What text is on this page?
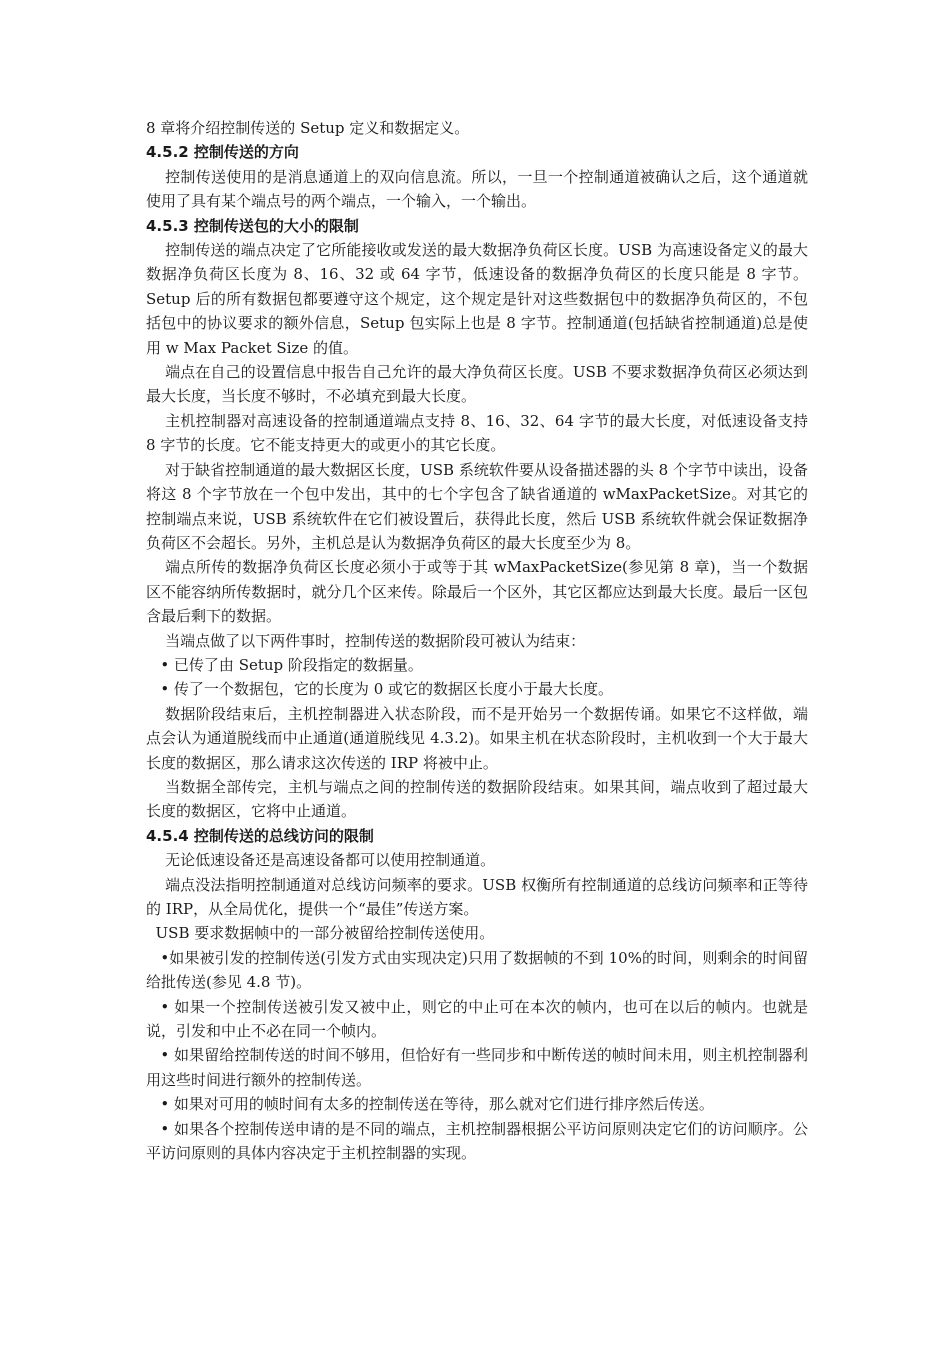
8 章将介绍控制传送的 Setup 定义和数据定义。

4.5.2 控制传送的方向

控制传送使用的是消息通道上的双向信息流。所以，一旦一个控制通道被确认之后，这个通道就使用了具有某个端点号的两个端点，一个输入，一个输出。

4.5.3 控制传送包的大小的限制

控制传送的端点决定了它所能接收或发送的最大数据净负荷区长度。USB 为高速设备定义的最大数据净负荷区长度为 8、16、32 或 64 字节，低速设备的数据净负荷区的长度只能是 8 字节。Setup 后的所有数据包都要遵守这个规定，这个规定是针对这些数据包中的数据净负荷区的，不包括包中的协议要求的额外信息，Setup 包实际上也是 8 字节。控制通道(包括缺省控制通道)总是使用 w Max Packet Size 的值。

端点在自己的设置信息中报告自己允许的最大净负荷区长度。USB 不要求数据净负荷区必须达到最大长度，当长度不够时，不必填充到最大长度。

主机控制器对高速设备的控制通道端点支持 8、16、32、64 字节的最大长度，对低速设备支持 8 字节的长度。它不能支持更大的或更小的其它长度。

对于缺省控制通道的最大数据区长度，USB 系统软件要从设备描述器的头 8 个字节中读出，设备将这 8 个字节放在一个包中发出，其中的七个字包含了缺省通道的 wMaxPacketSize。对其它的控制端点来说，USB 系统软件在它们被设置后，获得此长度，然后 USB 系统软件就会保证数据净负荷区不会超长。另外，主机总是认为数据净负荷区的最大长度至少为 8。

端点所传的数据净负荷区长度必须小于或等于其 wMaxPacketSize(参见第 8 章)，当一个数据区不能容纳所传数据时，就分几个区来传。除最后一个区外，其它区都应达到最大长度。最后一区包含最后剩下的数据。

当端点做了以下两件事时，控制传送的数据阶段可被认为结束：

• 已传了由 Setup 阶段指定的数据量。

• 传了一个数据包，它的长度为 0 或它的数据区长度小于最大长度。

数据阶段结束后，主机控制器进入状态阶段，而不是开始另一个数据传诵。如果它不这样做，端点会认为通道脱线而中止通道(通道脱线见 4.3.2)。如果主机在状态阶段时，主机收到一个大于最大长度的数据区，那么请求这次传送的 IRP 将被中止。

当数据全部传完，主机与端点之间的控制传送的数据阶段结束。如果其间，端点收到了超过最大长度的数据区，它将中止通道。

4.5.4 控制传送的总线访问的限制

无论低速设备还是高速设备都可以使用控制通道。

端点没法指明控制通道对总线访问频率的要求。USB 权衡所有控制通道的总线访问频率和正等待的 IRP，从全局优化，提供一个“最佳”传送方案。

USB 要求数据帧中的一部分被留给控制传送使用。

•如果被引发的控制传送(引发方式由实现决定)只用了数据帧的不到 10%的时间，则剩余的时间留给批传送(参见 4.8 节)。

• 如果一个控制传送被引发又被中止，则它的中止可在本次的帧内，也可在以后的帧内。也就是说，引发和中止不必在同一个帧内。

• 如果留给控制传送的时间不够用，但恰好有一些同步和中断传送的帧时间未用，则主机控制器利用这些时间进行额外的控制传送。

• 如果对可用的帧时间有太多的控制传送在等待，那么就对它们进行排序然后传送。

• 如果各个控制传送申请的是不同的端点，主机控制器根据公平访问原则决定它们的访问顺序。公平访问原则的具体内容决定于主机控制器的实现。
